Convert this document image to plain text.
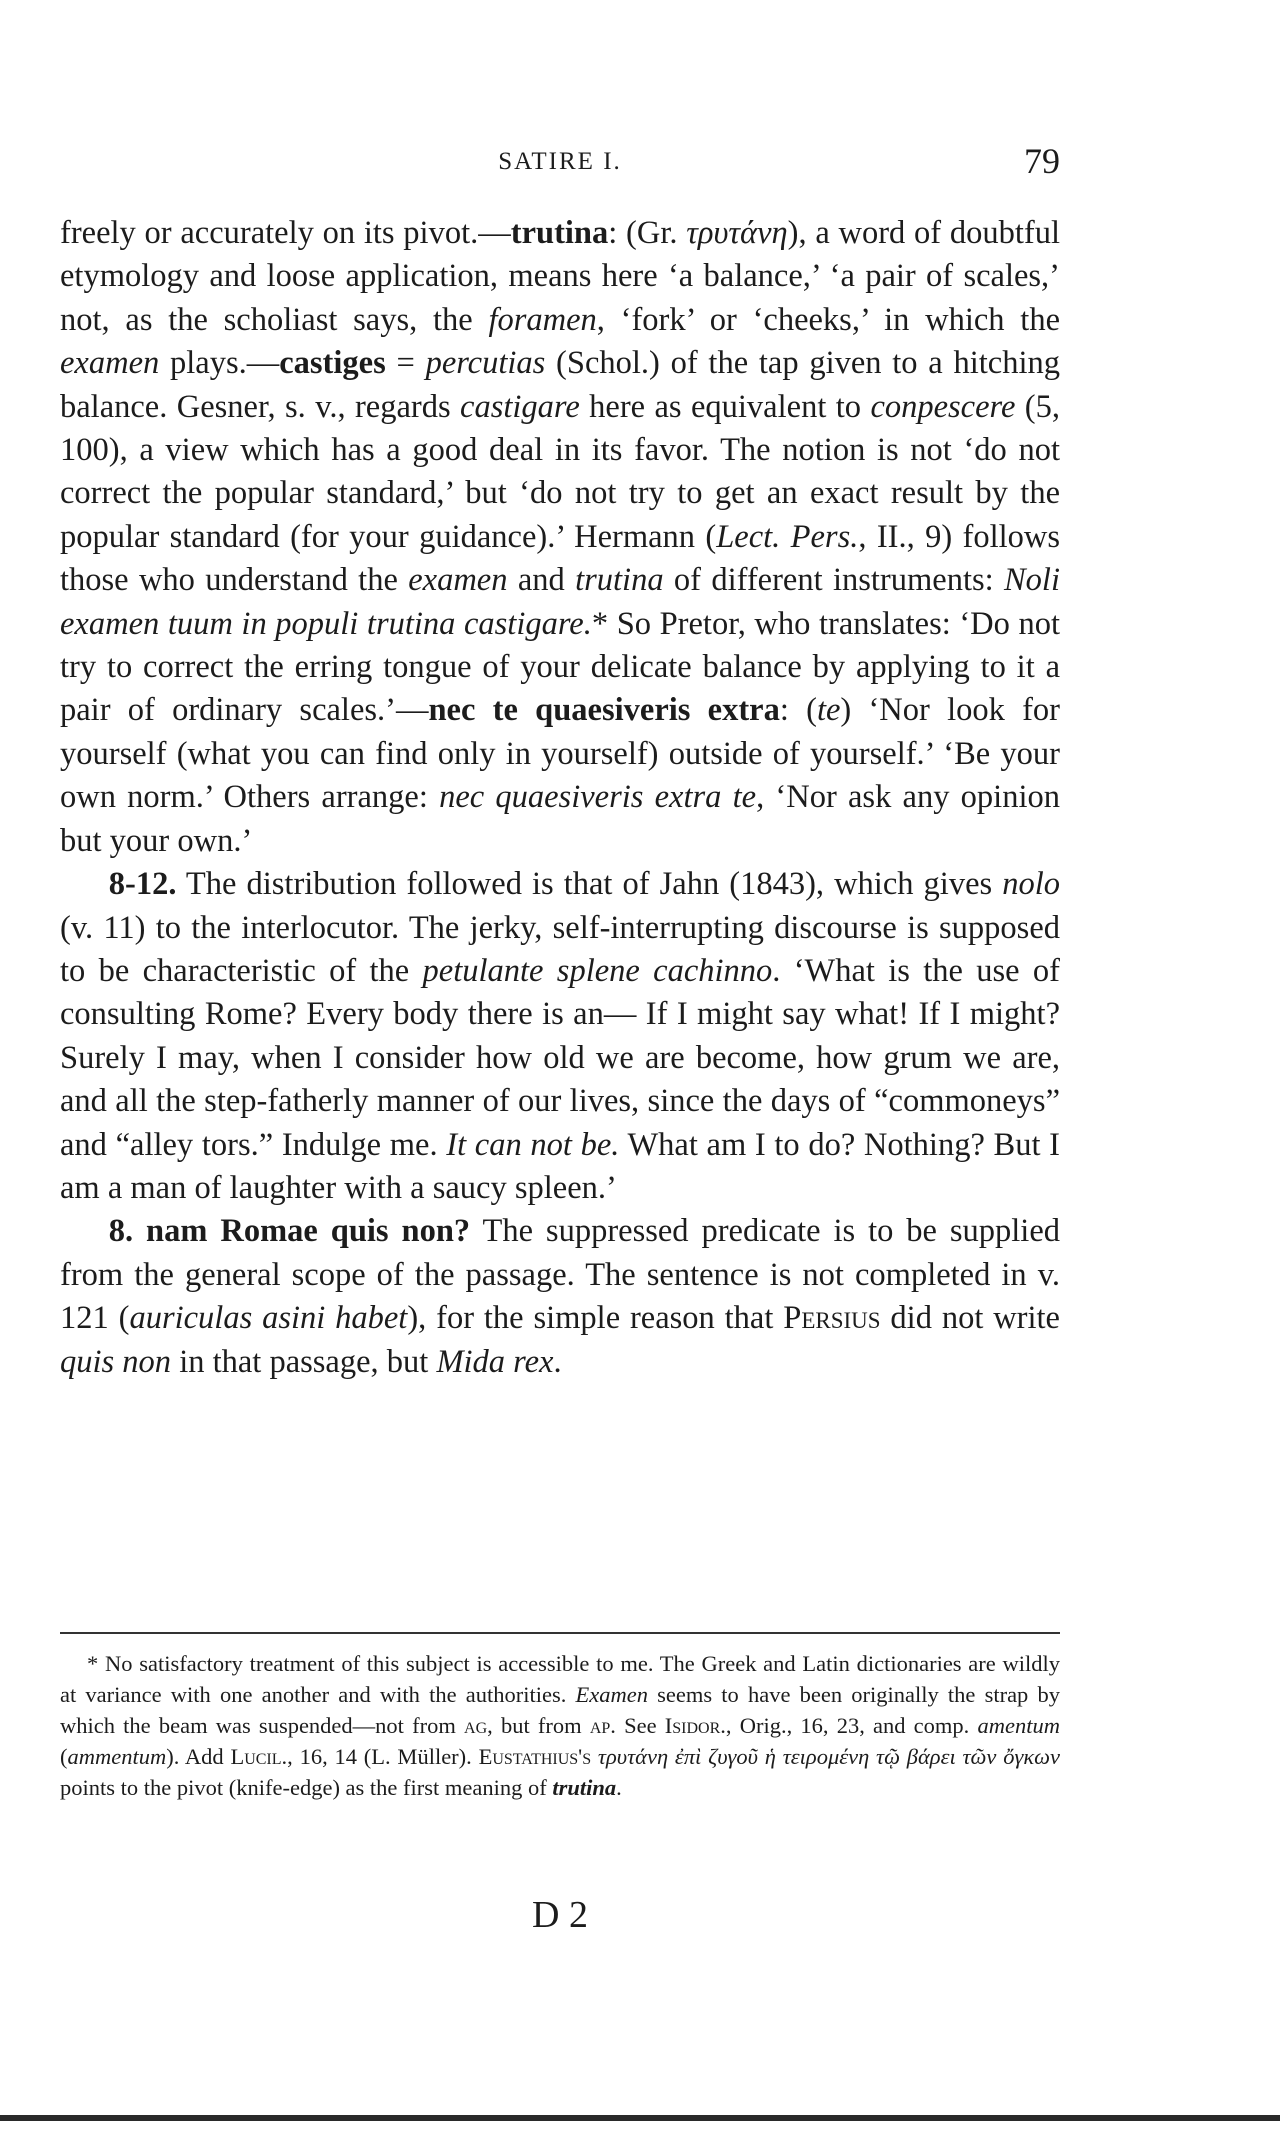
SATIRE I.	79

freely or accurately on its pivot.—trutina: (Gr. τρυτάνη), a word of doubtful etymology and loose application, means here ‘a balance,’ ‘a pair of scales,’ not, as the scholiast says, the foramen, ‘fork’ or ‘cheeks,’ in which the examen plays.—castiges = percutias (Schol.) of the tap given to a hitching balance. Gesner, s. v., regards castigare here as equivalent to conpescere (5, 100), a view which has a good deal in its favor. The notion is not ‘do not correct the popular standard,’ but ‘do not try to get an exact result by the popular standard (for your guidance).’ Hermann (Lect. Pers., II., 9) follows those who understand the examen and trutina of different instruments: Noli examen tuum in populi trutina castigare.* So Pretor, who translates: ‘Do not try to correct the erring tongue of your delicate balance by applying to it a pair of ordinary scales.’—nec te quaesiveris extra: (te) ‘Nor look for yourself (what you can find only in yourself) outside of yourself.’ ‘Be your own norm.’ Others arrange: nec quaesiveris extra te, ‘Nor ask any opinion but your own.’

8-12. The distribution followed is that of Jahn (1843), which gives nolo (v. 11) to the interlocutor. The jerky, self-interrupting discourse is supposed to be characteristic of the petulante splene cachinno. ‘What is the use of consulting Rome? Every body there is an— If I might say what! If I might? Surely I may, when I consider how old we are become, how grum we are, and all the step-fatherly manner of our lives, since the days of “commoneys” and “alley tors.” Indulge me. It can not be. What am I to do? Nothing? But I am a man of laughter with a saucy spleen.’

8. nam Romae quis non? The suppressed predicate is to be supplied from the general scope of the passage. The sentence is not completed in v. 121 (auriculas asini habet), for the simple reason that Persius did not write quis non in that passage, but Mida rex.

* No satisfactory treatment of this subject is accessible to me. The Greek and Latin dictionaries are wildly at variance with one another and with the authorities. Examen seems to have been originally the strap by which the beam was suspended—not from ag, but from ap. See Isidor., Orig., 16, 23, and comp. amentum (ammentum). Add Lucil., 16, 14 (L. Müller). Eustathius's τρυτάνη ἐπὶ ζυγοῦ ἡ τειρομένη τῷ βάρει τῶν ὄγκων points to the pivot (knife-edge) as the first meaning of trutina.

D 2
